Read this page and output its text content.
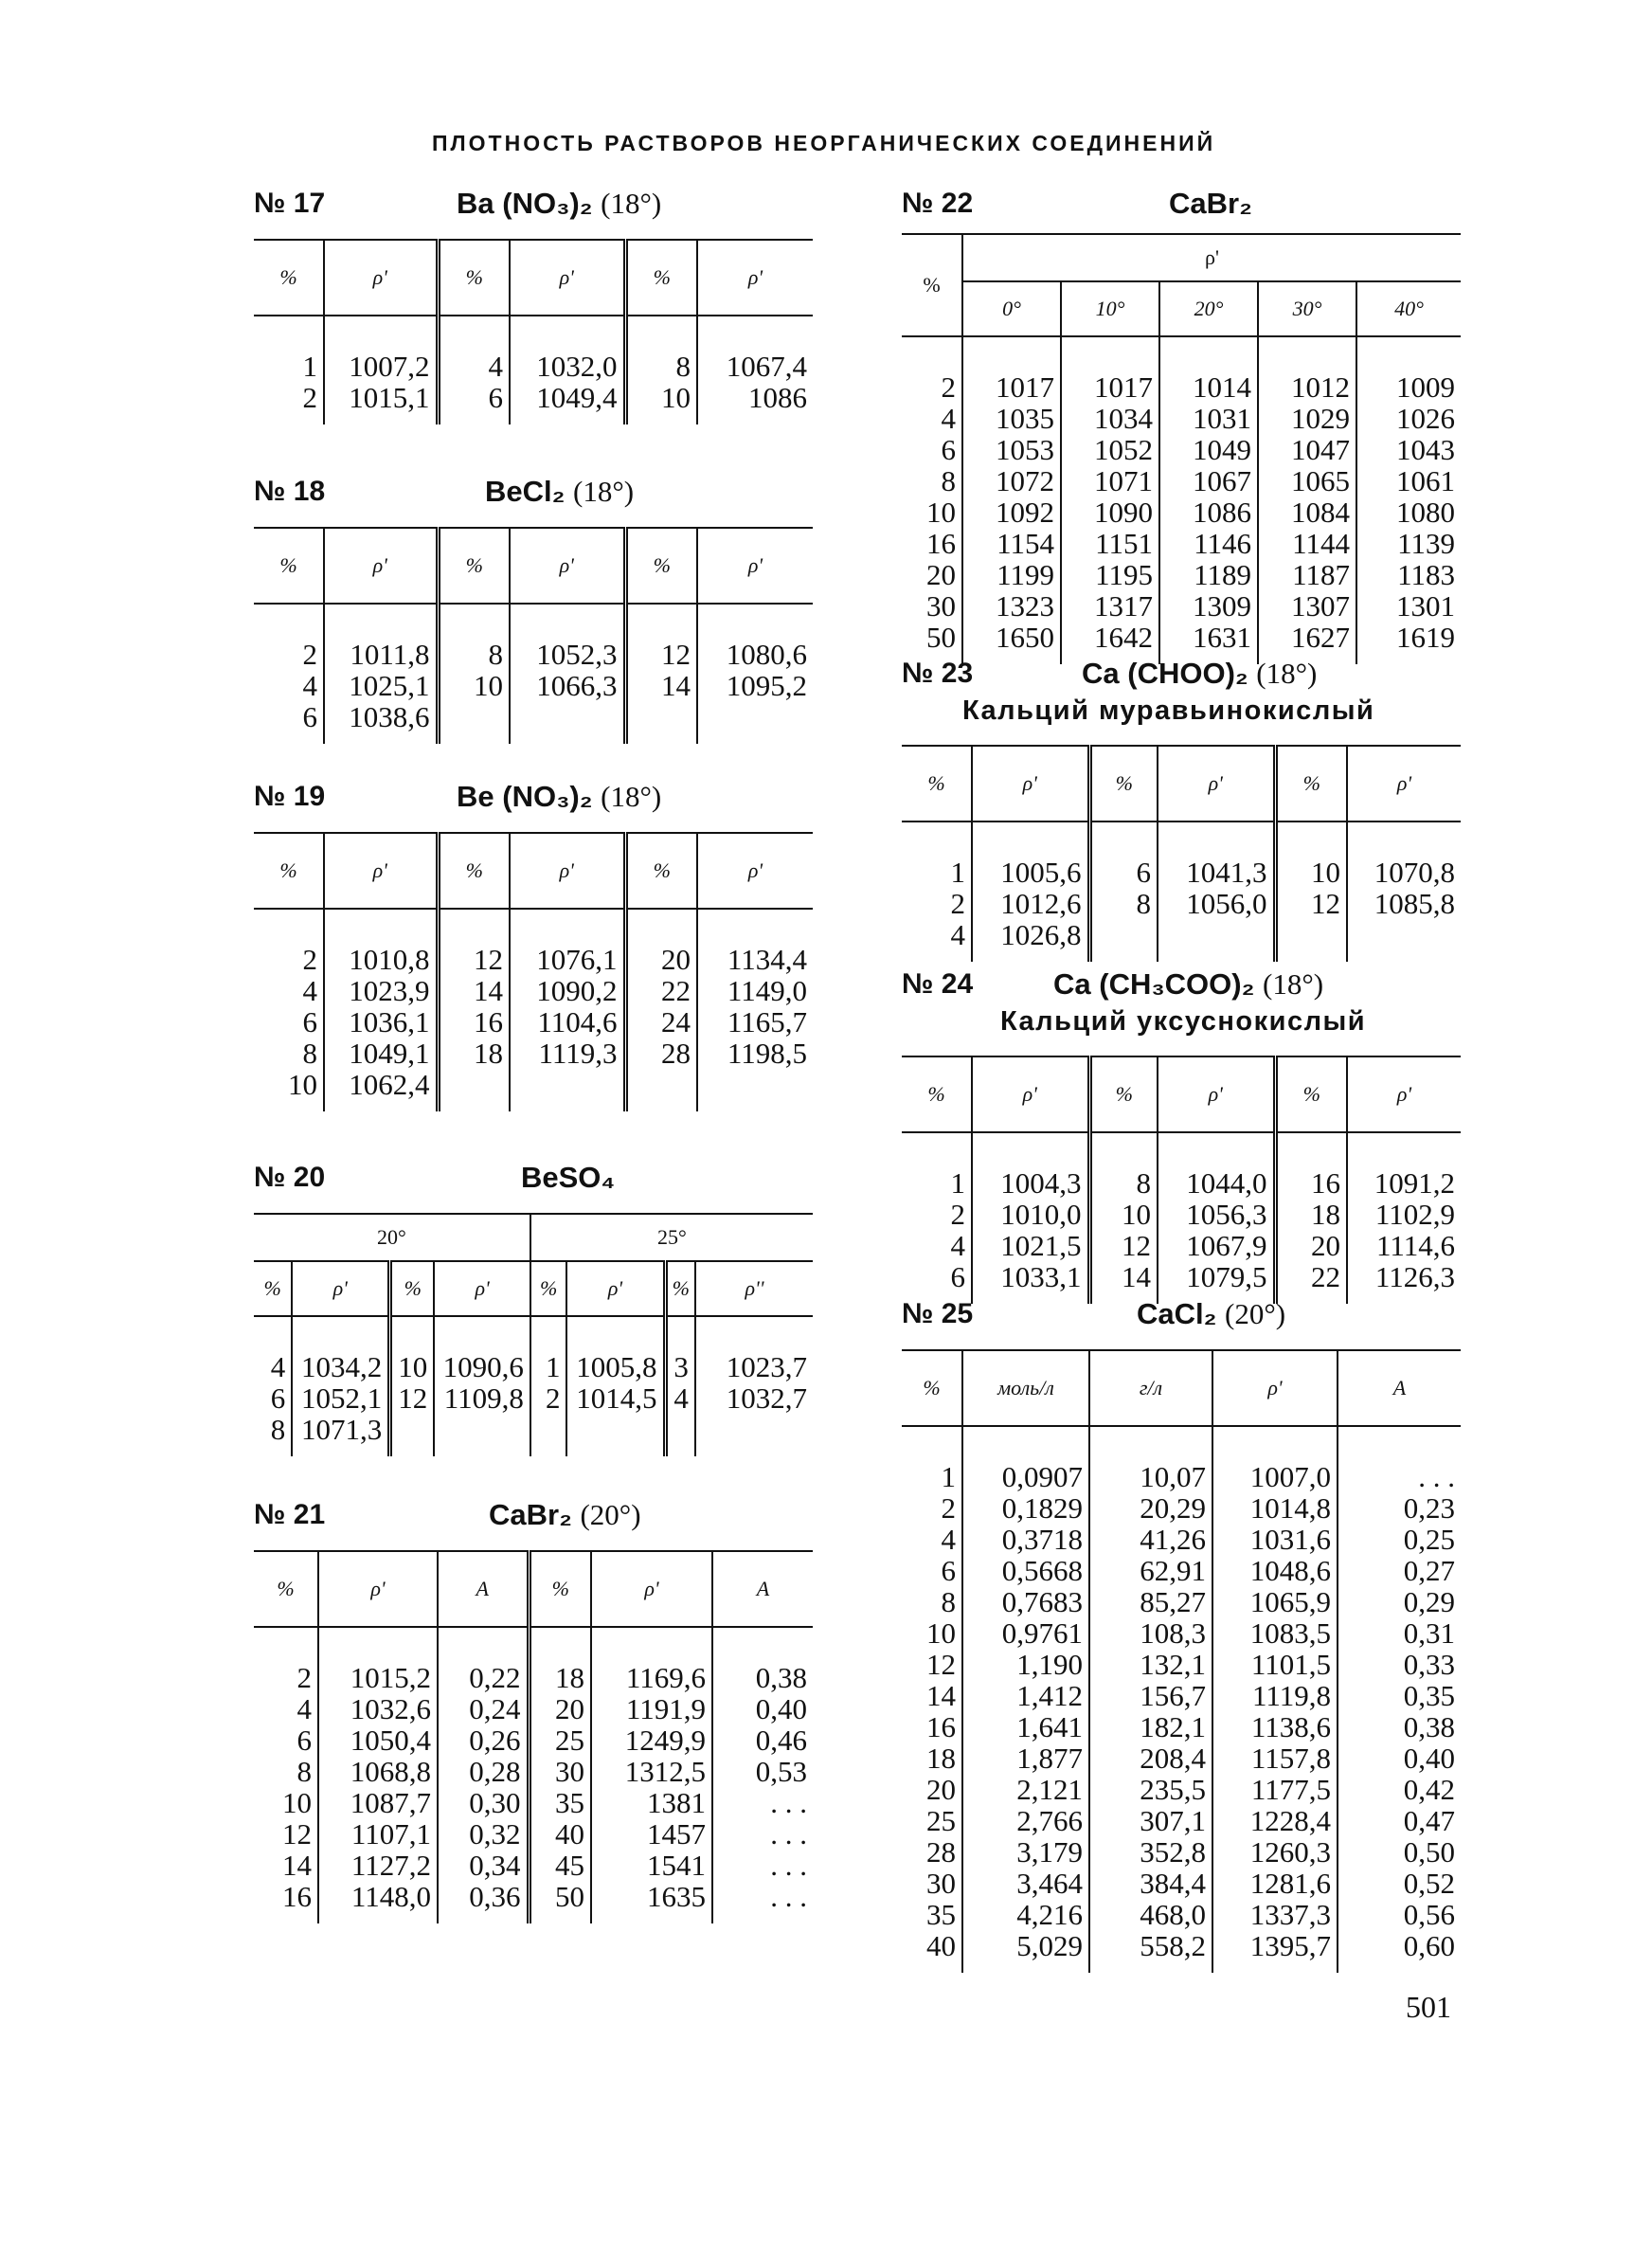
ПЛОТНОСТЬ РАСТВОРОВ НЕОРГАНИЧЕСКИХ СОЕДИНЕНИЙ
№ 17	Ba (NO₃)₂ (18°)
%	ρ'	%	ρ'	%	ρ'
1	1007,2	4	1032,0	8	1067,4
2	1015,1	6	1049,4	10	1086
№ 18	BeCl₂ (18°)
%	ρ'	%	ρ'	%	ρ'
2	1011,8	8	1052,3	12	1080,6
4	1025,1	10	1066,3	14	1095,2
6	1038,6				
№ 19	Be (NO₃)₂ (18°)
%	ρ'	%	ρ'	%	ρ'
2	1010,8	12	1076,1	20	1134,4
4	1023,9	14	1090,2	22	1149,0
6	1036,1	16	1104,6	24	1165,7
8	1049,1	18	1119,3	28	1198,5
10	1062,4				
№ 20	BeSO₄
20°				25°			
%	ρ'	%	ρ'	%	ρ'	%	ρ''
4	1034,2	10	1090,6	1	1005,8	3	1023,7
6	1052,1	12	1109,8	2	1014,5	4	1032,7
8	1071,3						
№ 21	CaBr₂ (20°)
%	ρ'	A	%	ρ'	A
2	1015,2	0,22	18	1169,6	0,38
4	1032,6	0,24	20	1191,9	0,40
6	1050,4	0,26	25	1249,9	0,46
8	1068,8	0,28	30	1312,5	0,53
10	1087,7	0,30	35	1381	. . .
12	1107,1	0,32	40	1457	. . .
14	1127,2	0,34	45	1541	. . .
16	1148,0	0,36	50	1635	. . .
№ 22	CaBr₂
%	ρ'				
	0°	10°	20°	30°	40°
2	1017	1017	1014	1012	1009
4	1035	1034	1031	1029	1026
6	1053	1052	1049	1047	1043
8	1072	1071	1067	1065	1061
10	1092	1090	1086	1084	1080
16	1154	1151	1146	1144	1139
20	1199	1195	1189	1187	1183
30	1323	1317	1309	1307	1301
50	1650	1642	1631	1627	1619
№ 23	Ca (CHOO)₂ (18°)
Кальций муравьинокислый
%	ρ'	%	ρ'	%	ρ'
1	1005,6	6	1041,3	10	1070,8
2	1012,6	8	1056,0	12	1085,8
4	1026,8				
№ 24	Ca (CH₃COO)₂ (18°)
Кальций уксуснокислый
%	ρ'	%	ρ'	%	ρ'
1	1004,3	8	1044,0	16	1091,2
2	1010,0	10	1056,3	18	1102,9
4	1021,5	12	1067,9	20	1114,6
6	1033,1	14	1079,5	22	1126,3
№ 25	CaCl₂ (20°)
%	моль/л	г/л	ρ'	A
1	0,0907	10,07	1007,0	. . .
2	0,1829	20,29	1014,8	0,23
4	0,3718	41,26	1031,6	0,25
6	0,5668	62,91	1048,6	0,27
8	0,7683	85,27	1065,9	0,29
10	0,9761	108,3	1083,5	0,31
12	1,190	132,1	1101,5	0,33
14	1,412	156,7	1119,8	0,35
16	1,641	182,1	1138,6	0,38
18	1,877	208,4	1157,8	0,40
20	2,121	235,5	1177,5	0,42
25	2,766	307,1	1228,4	0,47
28	3,179	352,8	1260,3	0,50
30	3,464	384,4	1281,6	0,52
35	4,216	468,0	1337,3	0,56
40	5,029	558,2	1395,7	0,60
501
